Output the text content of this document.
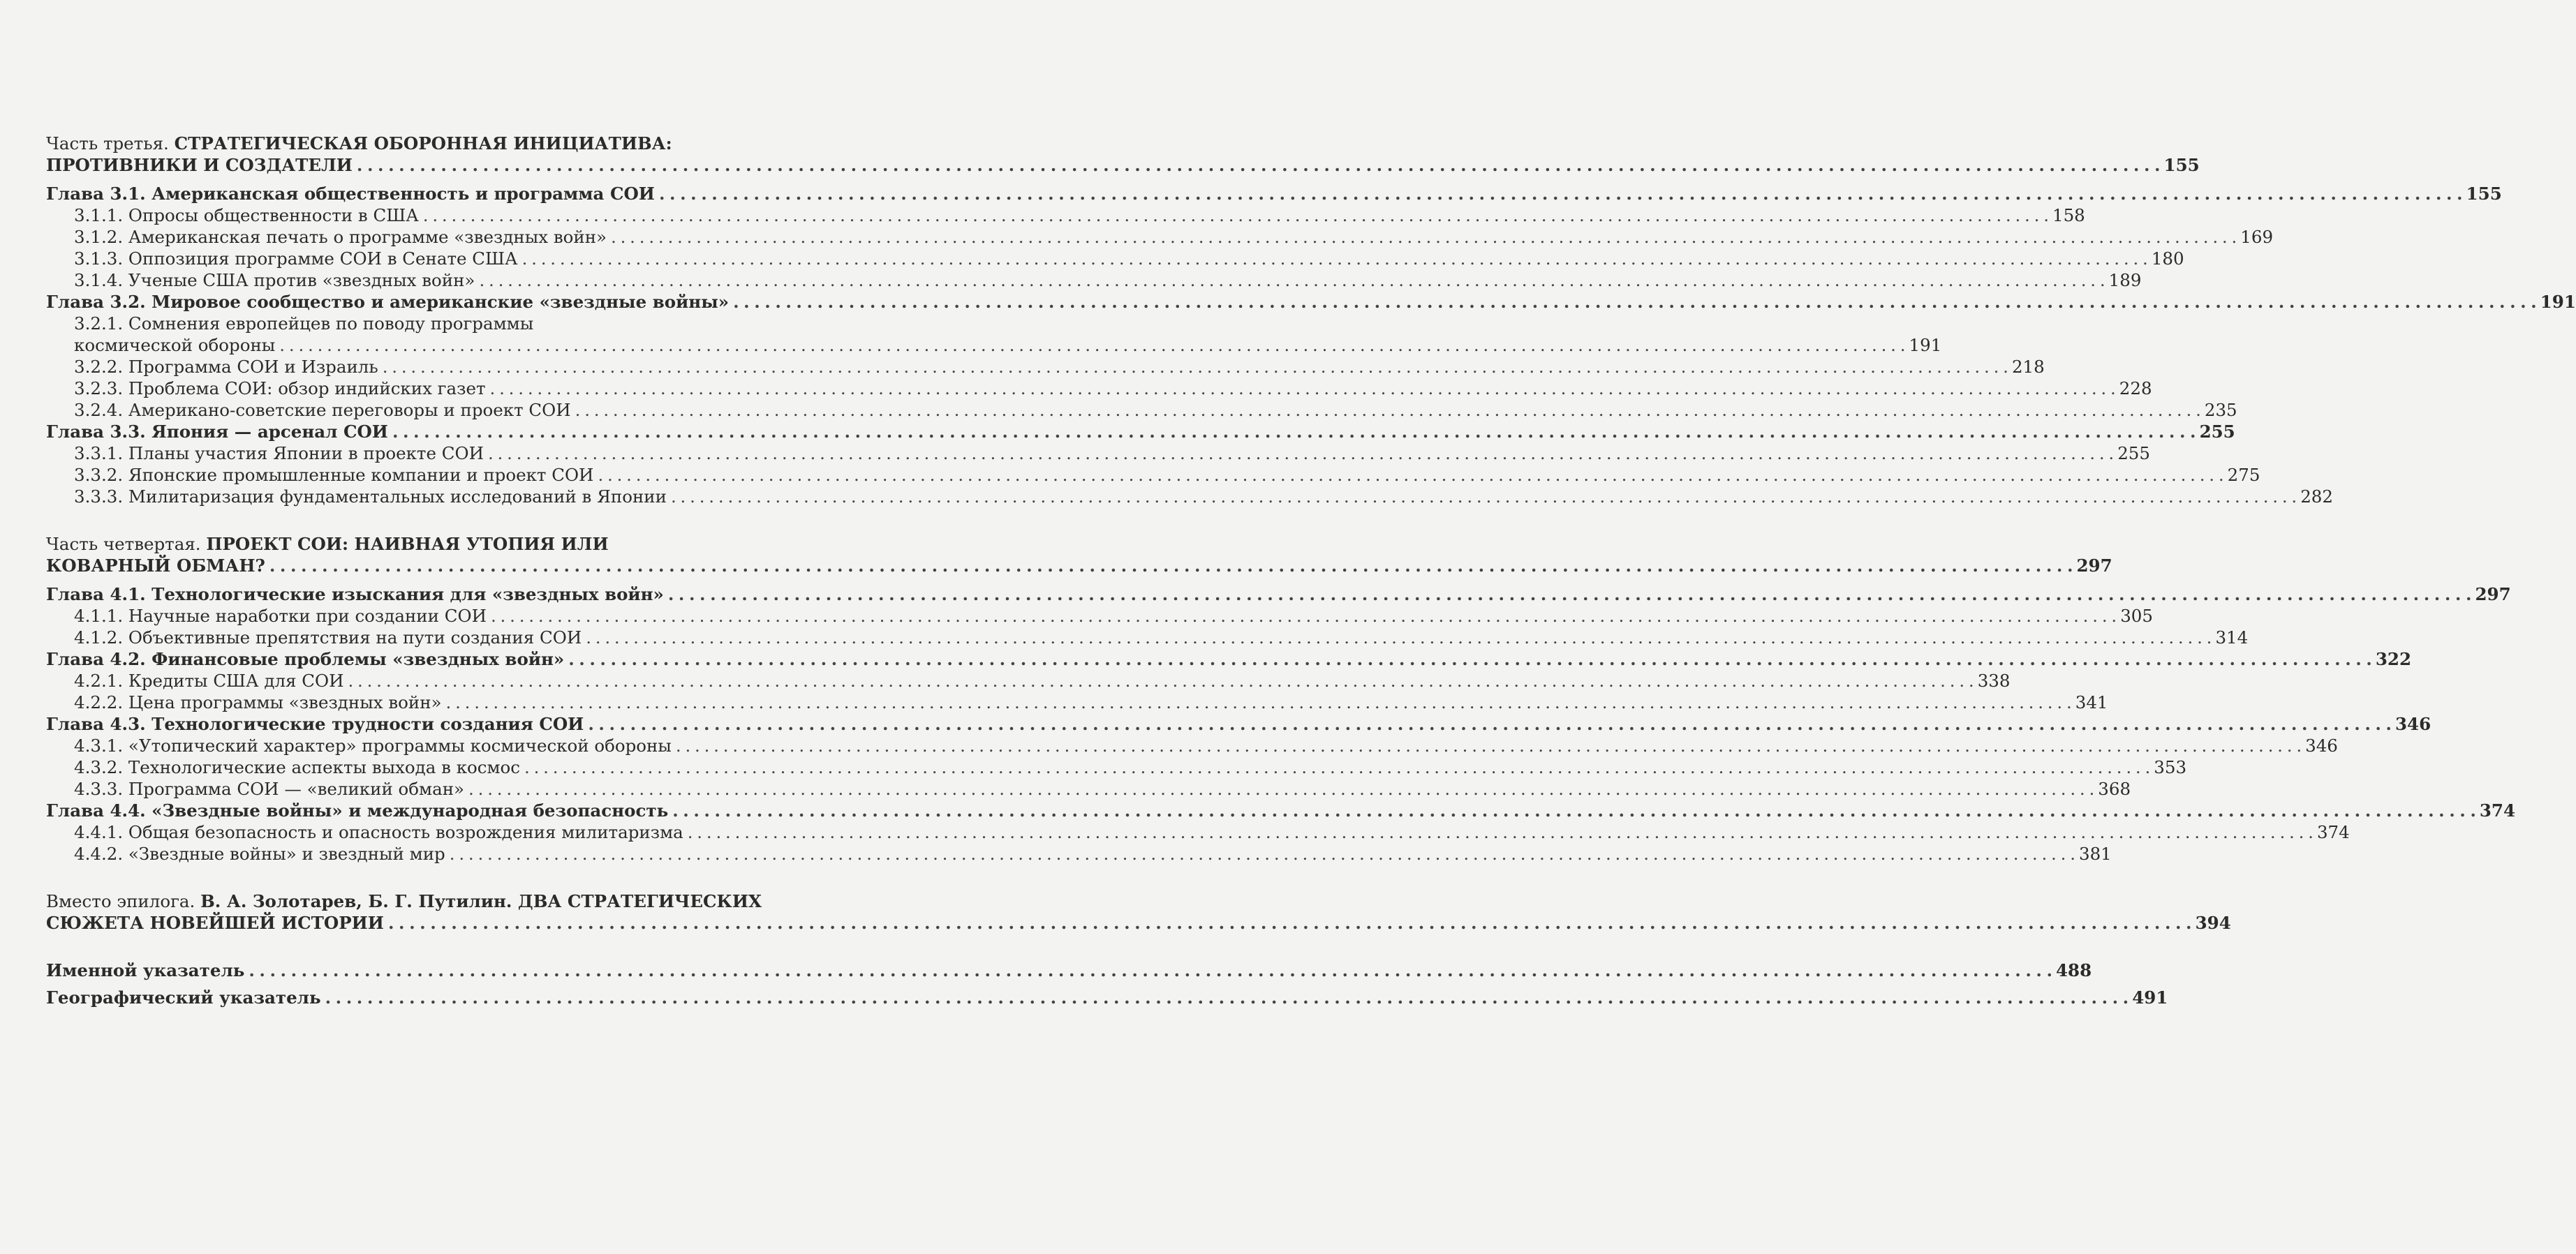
Часть третья. СТРАТЕГИЧЕСКАЯ ОБОРОННАЯ ИНИЦИАТИВА:
ПРОТИВНИКИ И СОЗДАТЕЛИ . . .	155
Глава 3.1. Американская общественность и программа СОИ . . .	155
3.1.1. Опросы общественности в США . . .	158
3.1.2. Американская печать о программе «звездных войн» . . .	169
3.1.3. Оппозиция программе СОИ в Сенате США . . .	180
3.1.4. Ученые США против «звездных войн» . . .	189
Глава 3.2. Мировое сообщество и американские «звездные войны» . . .	191
3.2.1. Сомнения европейцев по поводу программы
космической обороны . . .	191
3.2.2. Программа СОИ и Израиль . . .	218
3.2.3. Проблема СОИ: обзор индийских газет . . .	228
3.2.4. Американо-советские переговоры и проект СОИ . . .	235
Глава 3.3. Япония — арсенал СОИ . . .	255
3.3.1. Планы участия Японии в проекте СОИ . . .	255
3.3.2. Японские промышленные компании и проект СОИ . . .	275
3.3.3. Милитаризация фундаментальных исследований в Японии . . .	282
Часть четвертая. ПРОЕКТ СОИ: НАИВНАЯ УТОПИЯ ИЛИ
КОВАРНЫЙ ОБМАН? . . .	297
Глава 4.1. Технологические изыскания для «звездных войн» . . .	297
4.1.1. Научные наработки при создании СОИ . . .	305
4.1.2. Объективные препятствия на пути создания СОИ . . .	314
Глава 4.2. Финансовые проблемы «звездных войн» . . .	322
4.2.1. Кредиты США для СОИ . . .	338
4.2.2. Цена программы «звездных войн» . . .	341
Глава 4.3. Технологические трудности создания СОИ . . .	346
4.3.1. «Утопический характер» программы космической обороны . . .	346
4.3.2. Технологические аспекты выхода в космос . . .	353
4.3.3. Программа СОИ — «великий обман» . . .	368
Глава 4.4. «Звездные войны» и международная безопасность . . .	374
4.4.1. Общая безопасность и опасность возрождения милитаризма . . .	374
4.4.2. «Звездные войны» и звездный мир . . .	381
Вместо эпилога. В. А. Золотарев, Б. Г. Путилин. ДВА СТРАТЕГИЧЕСКИХ
СЮЖЕТА НОВЕЙШЕЙ ИСТОРИИ . . .	394
Именной указатель . . .	488
Географический указатель . . .	491
